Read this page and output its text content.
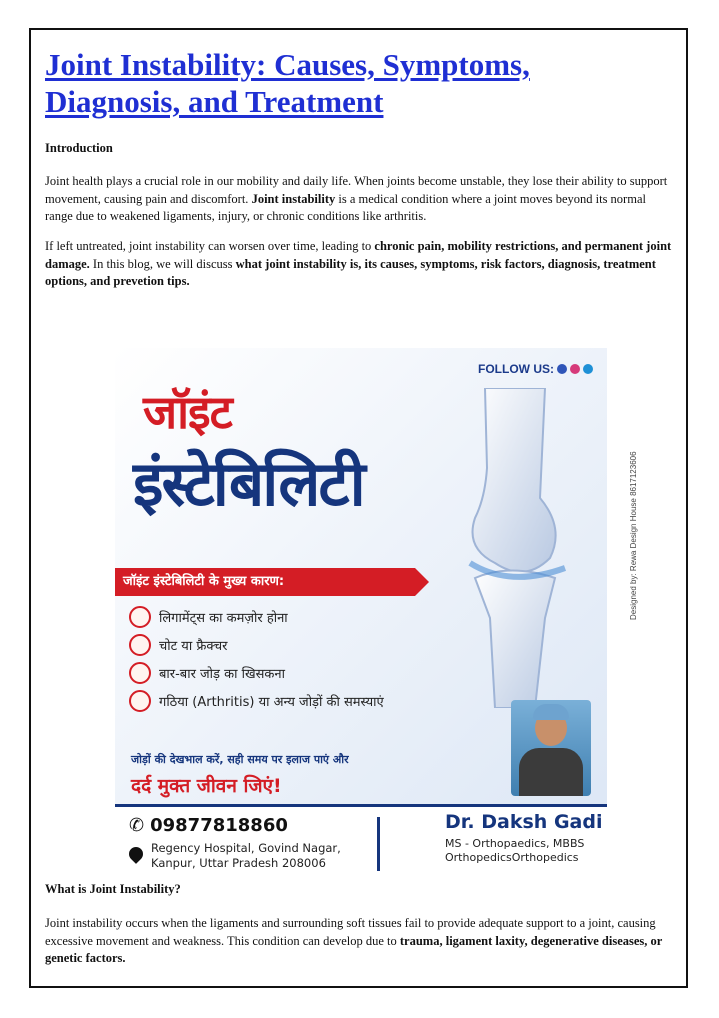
Joint Instability: Causes, Symptoms, Diagnosis, and Treatment

Introduction

Joint health plays a crucial role in our mobility and daily life. When joints become unstable, they lose their ability to support movement, causing pain and discomfort. Joint instability is a medical condition where a joint moves beyond its normal range due to weakened ligaments, injury, or chronic conditions like arthritis.

If left untreated, joint instability can worsen over time, leading to chronic pain, mobility restrictions, and permanent joint damage. In this blog, we will discuss what joint instability is, its causes, symptoms, risk factors, diagnosis, treatment options, and prevetion tips.

FOLLOW US:
जॉइंट
इंस्टेबिलिटी
जॉइंट इंस्टेबिलिटी के मुख्य कारण:
लिगामेंट्स का कमज़ोर होना
चोट या फ्रैक्चर
बार-बार जोड़ का खिसकना
गठिया (Arthritis) या अन्य जोड़ों की समस्याएं
जोड़ों की देखभाल करें, सही समय पर इलाज पाएं और
दर्द मुक्त जीवन जिएं!
✆ 09877818860
Regency Hospital, Govind Nagar,
Kanpur, Uttar Pradesh 208006
Dr. Daksh Gadi
MS - Orthopaedics, MBBS
OrthopedicsOrthopedics
Designed by: Rewa Design House 8617123606

What is Joint Instability?

Joint instability occurs when the ligaments and surrounding soft tissues fail to provide adequate support to a joint, causing excessive movement and weakness. This condition can develop due to trauma, ligament laxity, degenerative diseases, or genetic factors.
